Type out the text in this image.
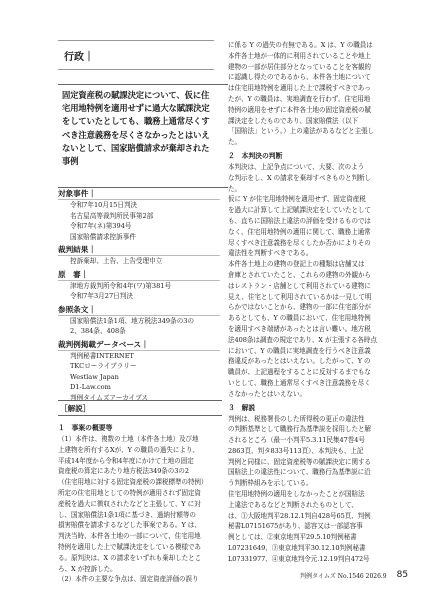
行政｜
固定資産税の賦課決定について、仮に住
宅用地特例を適用せずに過大な賦課決定
をしていたとしても、職務上通常尽くす
べき注意義務を尽くさなかったとはいえ
ないとして、国家賠償請求が棄却された
事例
対象事件｜
令和7年10月15日判決
名古屋高等裁判所民事第2部
令和7年(ネ)第394号
国家賠償請求控訴事件
裁判結果｜
控訴棄却、上告、上告受理申立
原　審｜
津地方裁判所令和4年(ワ)第381号
令和7年3月27日判決
参照条文｜
国家賠償法1条1項、地方税法349条の3の
2、384条、408条
裁判例掲載データベース｜
判例秘書INTERNET
TKCローライブラリー
Westlaw Japan
D1-Law.com
判例タイムズアーカイブス
［解説］
１　事案の概要等
（1）本件は、複数の土地（本件各土地）及び地
上建物を所有するXが、Y の職員の過失により、
平成14年度から令和4年度にかけて土地の固定
資産税の算定にあたり地方税法349条の3の2
（住宅用地に対する固定資産税の課税標準の特例）
所定の住宅用地としての特例が適用されず固定資
産税を過大に徴収されたなどと主張して、Y に対
し、国家賠償法1条1項に基づき、過納付額等の
損害賠償を請求するなどした事案である。Y は、
判決当時、本件各土地の一部について、住宅用地
特例を適用した上で賦課決定をしている模様であ
る。原判決は、X の請求をいずれも棄却したとこ
ろ、X が控訴した。
（2）本件の主要な争点は、固定資産評価の誤り
に係る Y の過失の有無である。X は、Y の職員は
本件各土地が一体的に利用されていることや地上
建物の一部が居住部分となっていることを客観的
に認識し得たのであるから、本件各土地について
は住宅用地特例を適用した上で課税すべきであっ
たが、Y の職員は、実地調査を行わず、住宅用地
特例の適用をせずに本件各土地の固定資産税の賦
課決定をしたものであり、国家賠償法（以下
「国賠法」という。）上の違法があるなどと主張し
た。
２　本判決の判断
本判決は、上記争点について、大要、次のよう
な判示をし、X の請求を棄却すべきものと判断し
た。
仮に Y が住宅用地特例を適用せず、固定資産税
を過大に計算して上記賦課決定をしていたとして
も、直ちに国賠法上違法の評価を受けるものでは
なく、住宅用地特例の適用に関して、職務上通常
尽くすべき注意義務を尽くしたか否かによりその
違法性を判断すべきである。
本件各土地上の建物の登記上の種類は店舗又は
倉庫とされていたこと、これらの建物の外観から
はレストラン・店舗として利用されている建物に
見え、住宅として利用されているかは一見して明
らかではないことから、建物の一部に住宅部分が
あるとしても、Y の職員において、住宅用地特例
を適用すべき端緒があったとは言い難い。地方税
法408条は調査の規定であり、X が主張する各時点
において、Y の職員に実地調査を行うべき注意義
務違反があったとはいえない。したがって、Y の
職員が、上記過程をすることに反対するまでもな
いとして、職務上通常尽くすべき注意義務を尽く
さなかったとはいえない。
３　解説
判例は、税務署長のした所得税の更正の違法性
の判断基準として職務行為基準説を採用したと解
されるところ（最一小判平5.3.11民集47巻4号
2863頁、判タ833号113頁）、本判決も、上記
判例と同様に、固定資産税等の賦課決定に関する
国賠法上の違法性について、職務行為基準説に沿
う判断枠組みを示している。
住宅用地特例の適用をしなかったことが国賠法
上違法であるなどと判断されたものとして、
は、①大阪地判平28.12.1判自428号65頁、判例
秘書L07151675があり、認容又は一部認容事
例としては、②東京地判平29.5.10判例秘書
L07231649、③東京地判平30.12.10判例秘書
L07331977、④東京地判令元.12.19判自472号
判例タイムズ No.1546 2026.9 85
